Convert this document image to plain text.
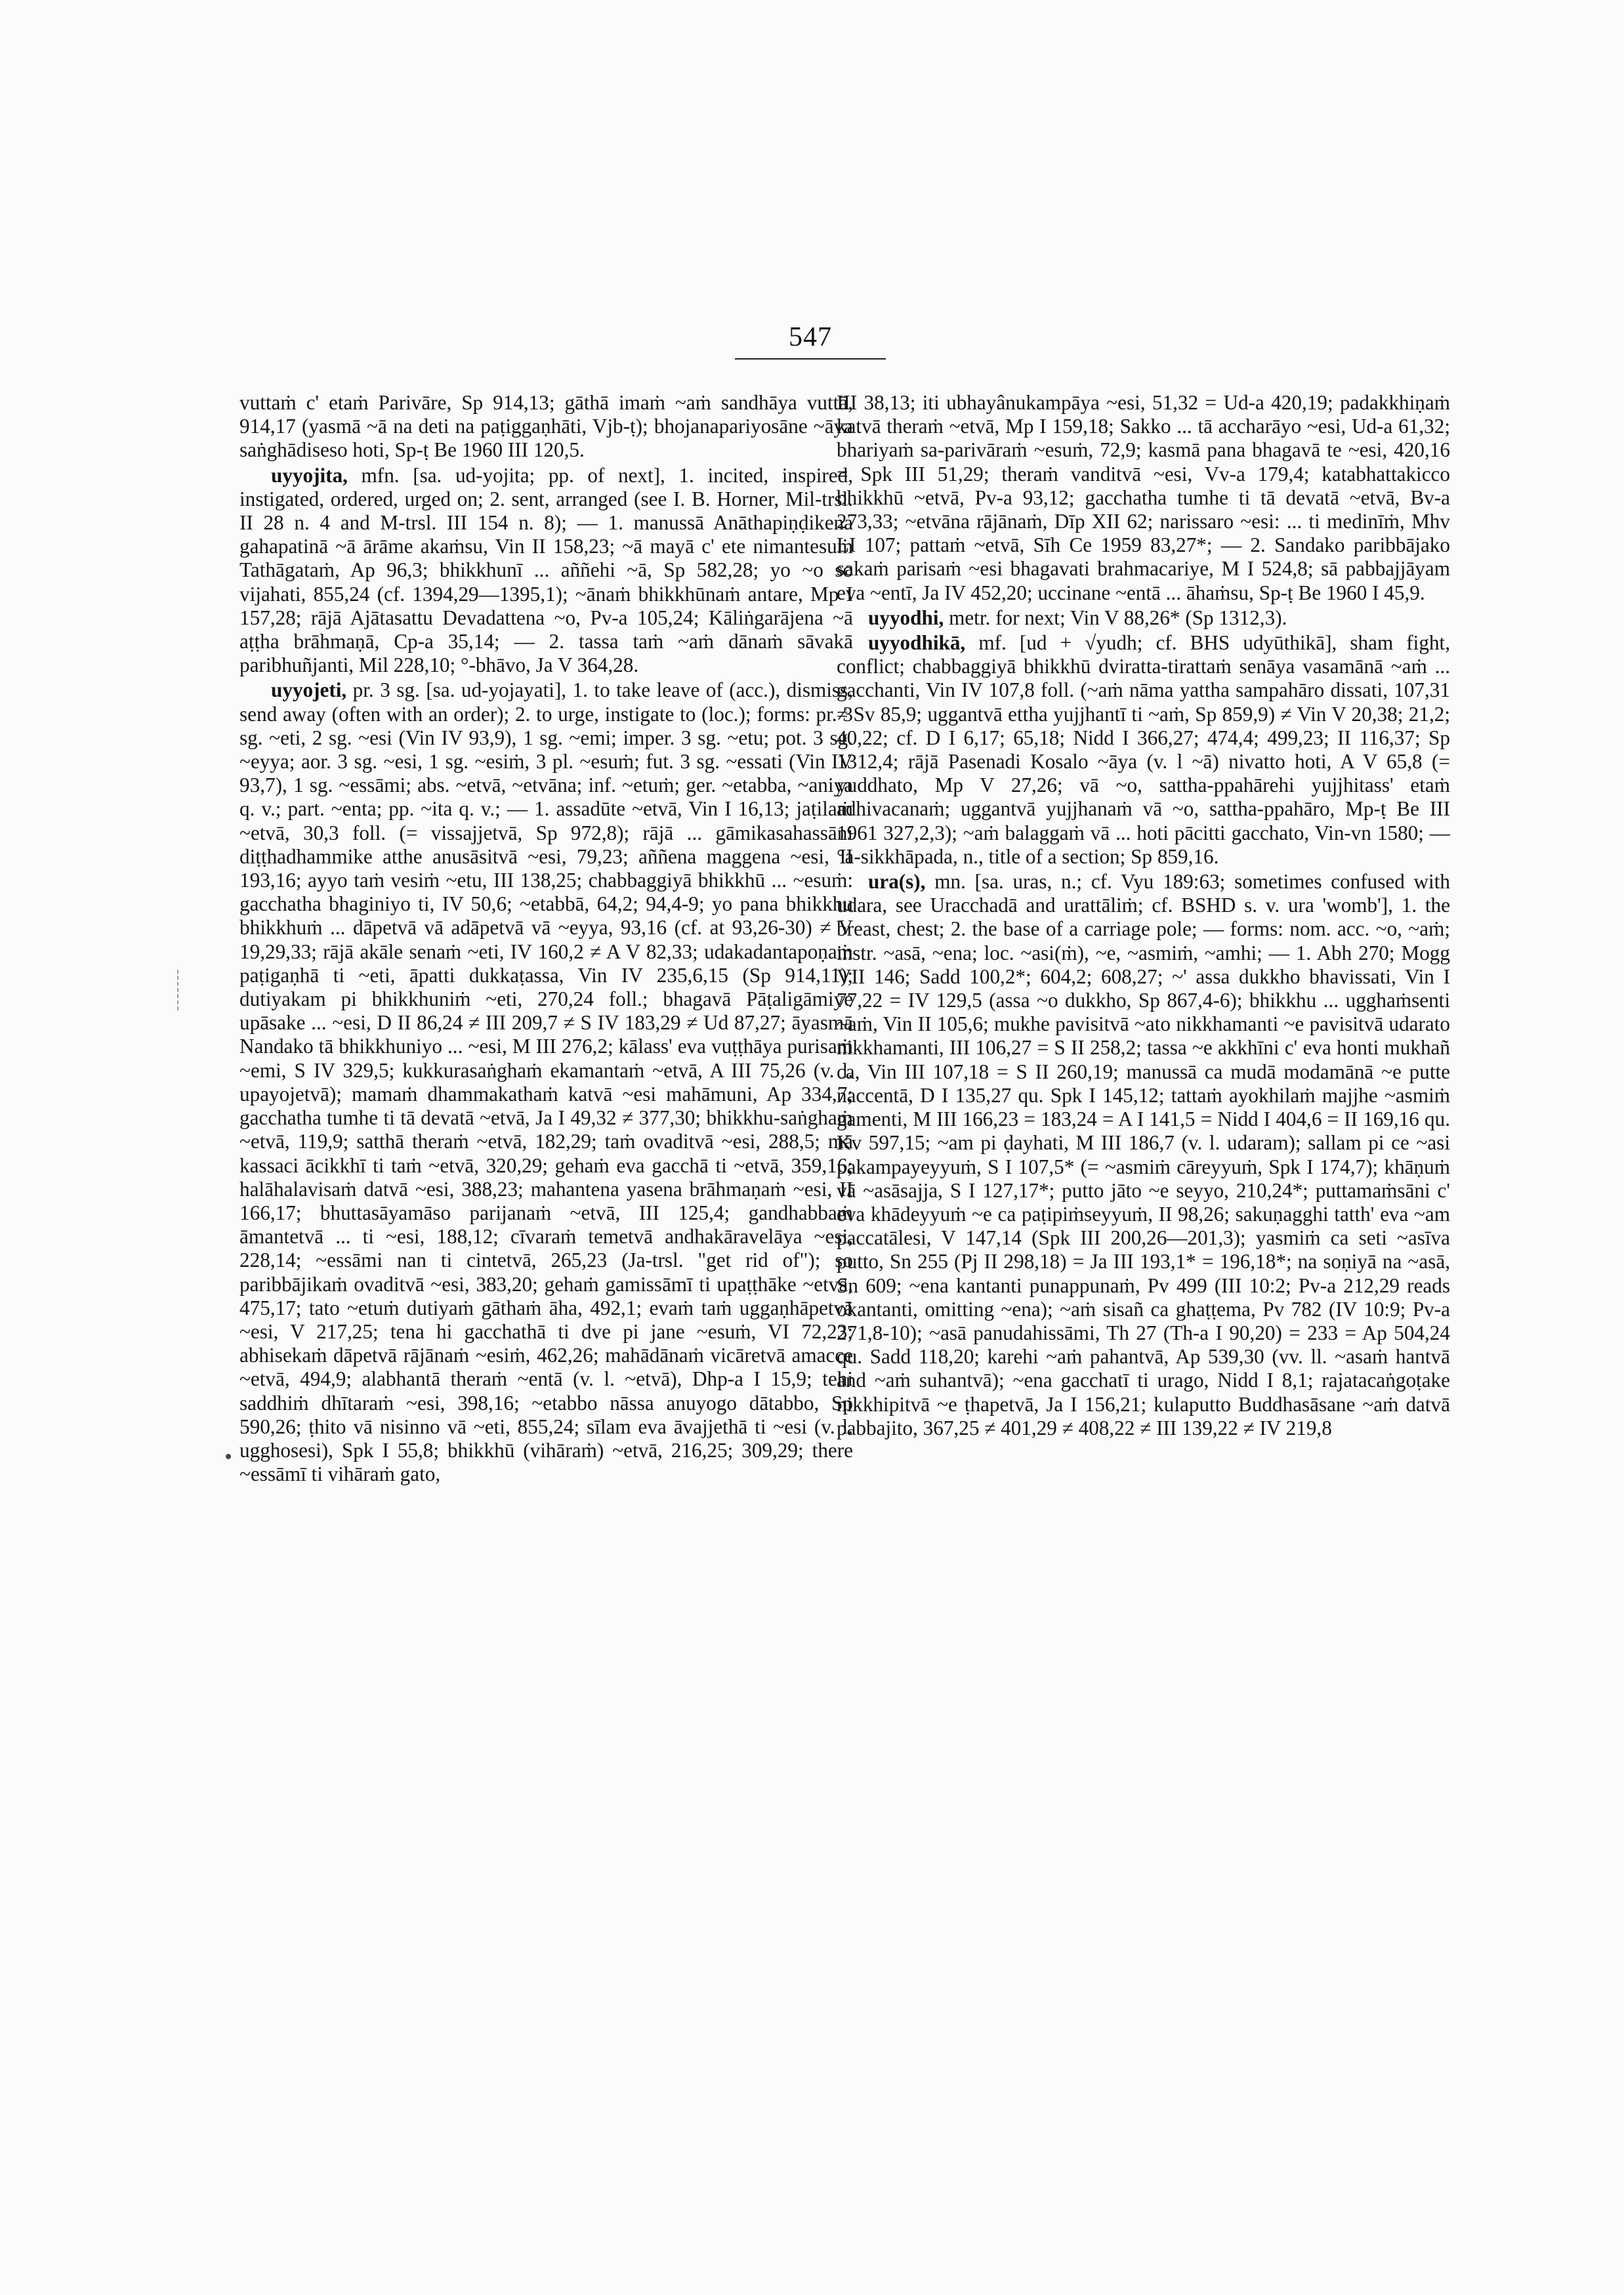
547

vuttaṁ c' etaṁ Parivāre, Sp 914,13; gāthā imaṁ ~aṁ sandhāya vuttā, 914,17 (yasmā ~ā na deti na paṭiggaṇhāti, Vjb-ṭ); bhojanapariyosāne ~āya saṅghādiseso hoti, Sp-ṭ Be 1960 III 120,5.

uyyojita, mfn. [sa. ud-yojita; pp. of next], 1. incited, inspired, instigated, ordered, urged on; 2. sent, arranged (see I. B. Horner, Mil-trsl. II 28 n. 4 and M-trsl. III 154 n. 8); — 1. manussā Anāthapiṇḍikena gahapatinā ~ā ārāme akaṁsu, Vin II 158,23; ~ā mayā c' ete nimantesuṁ Tathāgataṁ, Ap 96,3; bhikkhunī ... aññehi ~ā, Sp 582,28; yo ~o so vijahati, 855,24 (cf. 1394,29—1395,1); ~ānaṁ bhikkhūnaṁ antare, Mp I 157,28; rājā Ajātasattu Devadattena ~o, Pv-a 105,24; Kāliṅgarājena ~ā aṭṭha brāhmaṇā, Cp-a 35,14; — 2. tassa taṁ ~aṁ dānaṁ sāvakā paribhuñjanti, Mil 228,10; °-bhāvo, Ja V 364,28.

uyyojeti, pr. 3 sg. [sa. ud-yojayati], 1. to take leave of (acc.), dismiss, send away (often with an order); 2. to urge, instigate to (loc.); forms: pr. 3 sg. ~eti, 2 sg. ~esi (Vin IV 93,9), 1 sg. ~emi; imper. 3 sg. ~etu; pot. 3 sg. ~eyya; aor. 3 sg. ~esi, 1 sg. ~esiṁ, 3 pl. ~esuṁ; fut. 3 sg. ~essati (Vin IV 93,7), 1 sg. ~essāmi; abs. ~etvā, ~etvāna; inf. ~etuṁ; ger. ~etabba, ~aniya q. v.; part. ~enta; pp. ~ita q. v.; — 1. assadūte ~etvā, Vin I 16,13; jaṭilaṁ ~etvā, 30,3 foll. (= vissajjetvā, Sp 972,8); rājā ... gāmikasahassāni diṭṭhadhammike atthe anusāsitvā ~esi, 79,23; aññena maggena ~esi, II 193,16; ayyo taṁ vesiṁ ~etu, III 138,25; chabbaggiyā bhikkhū ... ~esuṁ: gacchatha bhaginiyo ti, IV 50,6; ~etabbā, 64,2; 94,4-9; yo pana bhikkhu bhikkhuṁ ... dāpetvā vā adāpetvā vā ~eyya, 93,16 (cf. at 93,26-30) ≠ V 19,29,33; rājā akāle senaṁ ~eti, IV 160,2 ≠ A V 82,33; udakadantapoṇaṁ paṭigaṇhā ti ~eti, āpatti dukkaṭassa, Vin IV 235,6,15 (Sp 914,11); dutiyakam pi bhikkhuniṁ ~eti, 270,24 foll.; bhagavā Pāṭaligāmiye upāsake ... ~esi, D II 86,24 ≠ III 209,7 ≠ S IV 183,29 ≠ Ud 87,27; āyasmā Nandako tā bhikkhuniyo ... ~esi, M III 276,2; kālass' eva vuṭṭhāya purisaṁ ~emi, S IV 329,5; kukkurasaṅghaṁ ekamantaṁ ~etvā, A III 75,26 (v. l. upayojetvā); mamaṁ dhammakathaṁ katvā ~esi mahāmuni, Ap 334,7; gacchatha tumhe ti tā devatā ~etvā, Ja I 49,32 ≠ 377,30; bhikkhu-saṅghaṁ ~etvā, 119,9; satthā theraṁ ~etvā, 182,29; taṁ ovaditvā ~esi, 288,5; mā kassaci ācikkhī ti taṁ ~etvā, 320,29; gehaṁ eva gacchā ti ~etvā, 359,16; halāhalavisaṁ datvā ~esi, 388,23; mahantena yasena brāhmaṇaṁ ~esi, II 166,17; bhuttasāyamāso parijanaṁ ~etvā, III 125,4; gandhabbaṁ āmantetvā ... ti ~esi, 188,12; cīvaraṁ temetvā andhakāravelāya ~esi, 228,14; ~essāmi nan ti cintetvā, 265,23 (Ja-trsl. "get rid of"); so paribbājikaṁ ovaditvā ~esi, 383,20; gehaṁ gamissāmī ti upaṭṭhāke ~etvā, 475,17; tato ~etuṁ dutiyaṁ gāthaṁ āha, 492,1; evaṁ taṁ uggaṇhāpetvā ~esi, V 217,25; tena hi gacchathā ti dve pi jane ~esuṁ, VI 72,23; abhisekaṁ dāpetvā rājānaṁ ~esiṁ, 462,26; mahādānaṁ vicāretvā amacce ~etvā, 494,9; alabhantā theraṁ ~entā (v. l. ~etvā), Dhp-a I 15,9; tehi saddhiṁ dhītaraṁ ~esi, 398,16; ~etabbo nāssa anuyogo dātabbo, Sp 590,26; ṭhito vā nisinno vā ~eti, 855,24; sīlam eva āvajjethā ti ~esi (v. l. ugghosesi), Spk I 55,8; bhikkhū (vihāraṁ) ~etvā, 216,25; 309,29; there ~essāmī ti vihāraṁ gato,

III 38,13; iti ubhayânukampāya ~esi, 51,32 = Ud-a 420,19; padakkhiṇaṁ katvā theraṁ ~etvā, Mp I 159,18; Sakko ... tā accharāyo ~esi, Ud-a 61,32; bhariyaṁ sa-parivāraṁ ~esuṁ, 72,9; kasmā pana bhagavā te ~esi, 420,16 = Spk III 51,29; theraṁ vanditvā ~esi, Vv-a 179,4; katabhattakicco bhikkhū ~etvā, Pv-a 93,12; gacchatha tumhe ti tā devatā ~etvā, Bv-a 273,33; ~etvāna rājānaṁ, Dīp XII 62; narissaro ~esi: ... ti medinīṁ, Mhv LI 107; pattaṁ ~etvā, Sīh Ce 1959 83,27*; — 2. Sandako paribbājako sakaṁ parisaṁ ~esi bhagavati brahmacariye, M I 524,8; sā pabbajjāyam eva ~entī, Ja IV 452,20; uccinane ~entā ... āhaṁsu, Sp-ṭ Be 1960 I 45,9.

uyyodhi, metr. for next; Vin V 88,26* (Sp 1312,3).

uyyodhikā, mf. [ud + √yudh; cf. BHS udyūthikā], sham fight, conflict; chabbaggiyā bhikkhū dviratta-tirattaṁ senāya vasamānā ~aṁ ... gacchanti, Vin IV 107,8 foll. (~aṁ nāma yattha sampahāro dissati, 107,31 ≠ Sv 85,9; uggantvā ettha yujjhantī ti ~aṁ, Sp 859,9) ≠ Vin V 20,38; 21,2; 40,22; cf. D I 6,17; 65,18; Nidd I 366,27; 474,4; 499,23; II 116,37; Sp 1312,4; rājā Pasenadi Kosalo ~āya (v. l ~ā) nivatto hoti, A V 65,8 (= yuddhato, Mp V 27,26; vā ~o, sattha-ppahārehi yujjhitass' etaṁ adhivacanaṁ; uggantvā yujjhanaṁ vā ~o, sattha-ppahāro, Mp-ṭ Be III 1961 327,2,3); ~aṁ balaggaṁ vā ... hoti pācitti gacchato, Vin-vn 1580; — °a-sikkhāpada, n., title of a section; Sp 859,16.

ura(s), mn. [sa. uras, n.; cf. Vyu 189:63; sometimes confused with udara, see Uracchadā and urattāliṁ; cf. BSHD s. v. ura 'womb'], 1. the breast, chest; 2. the base of a carriage pole; — forms: nom. acc. ~o, ~aṁ; instr. ~asā, ~ena; loc. ~asi(ṁ), ~e, ~asmiṁ, ~amhi; — 1. Abh 270; Mogg VII 146; Sadd 100,2*; 604,2; 608,27; ~' assa dukkho bhavissati, Vin I 77,22 = IV 129,5 (assa ~o dukkho, Sp 867,4-6); bhikkhu ... ugghaṁsenti ~aṁ, Vin II 105,6; mukhe pavisitvā ~ato nikkhamanti ~e pavisitvā udarato nikkhamanti, III 106,27 = S II 258,2; tassa ~e akkhīni c' eva honti mukhañ ca, Vin III 107,18 = S II 260,19; manussā ca mudā modamānā ~e putte naccentā, D I 135,27 qu. Spk I 145,12; tattaṁ ayokhilaṁ majjhe ~asmiṁ gamenti, M III 166,23 = 183,24 = A I 141,5 = Nidd I 404,6 = II 169,16 qu. Kv 597,15; ~am pi ḍayhati, M III 186,7 (v. l. udaram); sallam pi ce ~asi pakampayeyyuṁ, S I 107,5* (= ~asmiṁ cāreyyuṁ, Spk I 174,7); khāṇuṁ vā ~asāsajja, S I 127,17*; putto jāto ~e seyyo, 210,24*; puttamaṁsāni c' eva khādeyyuṁ ~e ca paṭipiṁseyyuṁ, II 98,26; sakuṇagghi tatth' eva ~am paccatālesi, V 147,14 (Spk III 200,26—201,3); yasmiṁ ca seti ~asīva putto, Sn 255 (Pj II 298,18) = Ja III 193,1* = 196,18*; na soṇiyā na ~asā, Sn 609; ~ena kantanti punappunaṁ, Pv 499 (III 10:2; Pv-a 212,29 reads okantanti, omitting ~ena); ~aṁ sisañ ca ghaṭṭema, Pv 782 (IV 10:9; Pv-a 271,8-10); ~asā panudahissāmi, Th 27 (Th-a I 90,20) = 233 = Ap 504,24 qu. Sadd 118,20; karehi ~aṁ pahantvā, Ap 539,30 (vv. ll. ~asaṁ hantvā and ~aṁ suhantvā); ~ena gacchatī ti urago, Nidd I 8,1; rajatacaṅgoṭake nikkhipitvā ~e ṭhapetvā, Ja I 156,21; kulaputto Buddhasāsane ~aṁ datvā pabbajito, 367,25 ≠ 401,29 ≠ 408,22 ≠ III 139,22 ≠ IV 219,8
